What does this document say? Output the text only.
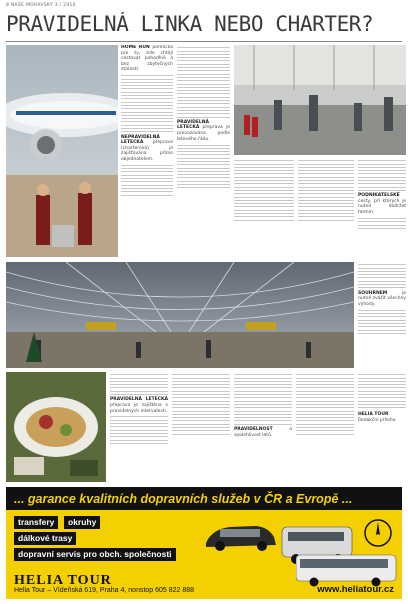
8 NAŠE MORAVSKY 3 / 2010
PRAVIDELNÁ LINKA NEBO CHARTER?
HOME RUN pomůcka pro ty, kdo chtějí cestovat pohodlně a bez zbytečných starostí.
NEPRAVIDELNÁ LETECKÁ přeprava (charterová) je zajišťována přímo objednatelem.
PRAVIDELNÁ LETECKÁ přeprava je provozována podle letového řádu.
PODNIKATELSKÉ cesty, při kterých je nutné dodržet termín.
SOUHRNEM	je nutné zvážit všechny výhody.
PRAVIDELNÁ LETECKÁ přeprava je zajištěna v pravidelných intervalech.
PRAVIDELNOST	a spolehlivost letů.
HELIA TOUR
Redakční příloha
... garance kvalitních dopravních služeb v ČR a Evropě ...
transfery	okruhy
dálkové trasy
dopravní servis pro obch. společnosti
HELIA TOUR
Helia Tour – Vídeňská 619, Praha 4, nonstop 605 822 888	www.heliatour.cz
